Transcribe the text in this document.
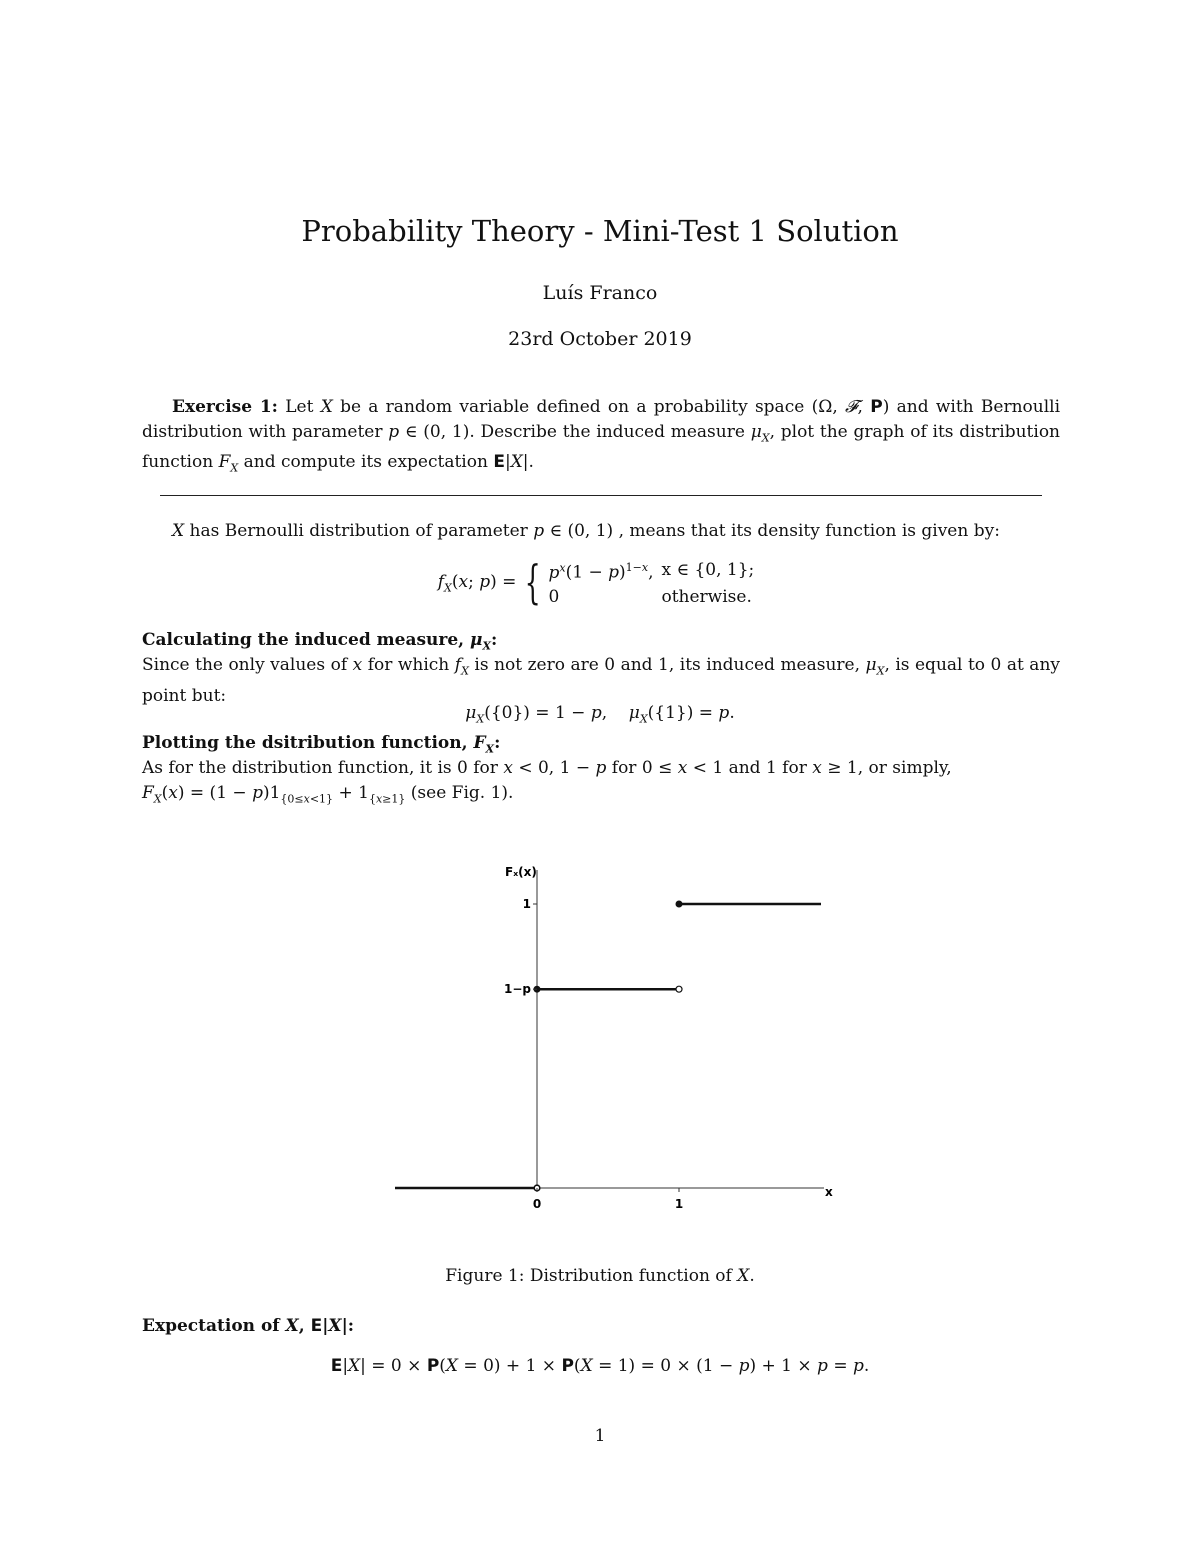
Probability Theory - Mini-Test 1 Solution
Luís Franco
23rd October 2019
Exercise 1: Let X be a random variable defined on a probability space (Ω, 𝓕, P) and with Bernoulli distribution with parameter p ∈ (0, 1). Describe the induced measure $\mu_X$, plot the graph of its distribution function $F_X$ and compute its expectation E|X|.
X has Bernoulli distribution of parameter p ∈ (0, 1) , means that its density function is given by:
$f_X(x$; p) = { $p^x(1 - p)^{1-x}$,	x ∈ {0, 1};
0	otherwise.
Calculating the induced measure, $\mu_X$:
Since the only values of x for which $f_X$ is not zero are 0 and 1, its induced measure, $\mu_X$, is equal to 0 at any point but:
$\mu_X(\{0\}) = 1 - p$,    $\mu_X(\{1\}) = p$.
Plotting the dsitribution function, $F_X$:
As for the distribution function, it is 0 for x < 0, 1 − p for 0 ≤ x < 1 and 1 for x ≥ 1, or simply,
$F_X(x) = (1 - p)1_{\{0\le x<1\}} + 1_{\{x\ge 1\}}$ (see Fig. 1).
0	1
1−p
1
Fₓ(x)
x
Figure 1: Distribution function of X.
Expectation of X, E|X|:
E|X| = 0 × P(X = 0) + 1 × P(X = 1) = 0 × (1 − p) + 1 × p = p.
1
